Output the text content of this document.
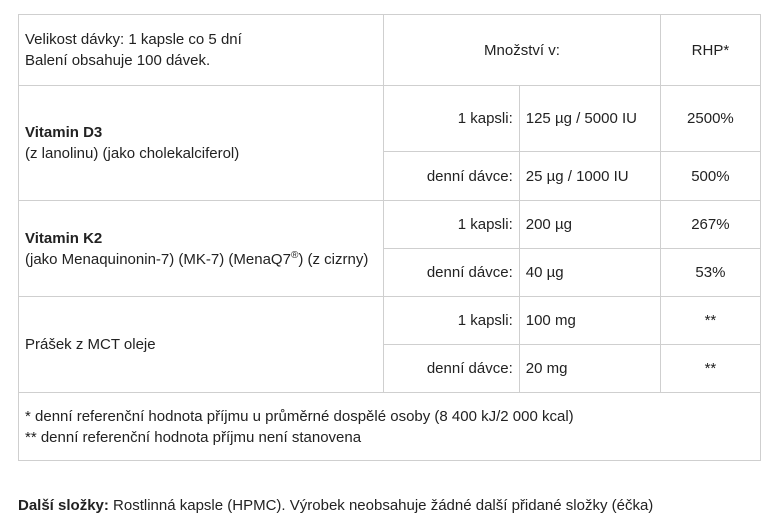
Velikost dávky: 1 kapsle co 5 dní
Balení obsahuje 100 dávek.	Množství v:		RHP*

Vitamin D3
(z lanolinu) (jako cholekalciferol)	1 kapsli:	125 µg / 5000 IU	2500%
	denní dávce:	25 µg / 1000 IU	500%

Vitamin K2
(jako Menaquinonin-7) (MK-7) (MenaQ7®) (z cizrny)	1 kapsli:	200 µg	267%
	denní dávce:	40 µg	53%
Prášek z MCT oleje	1 kapsli:	100 mg	**
	denní dávce:	20 mg	**

* denní referenční hodnota příjmu u průměrné dospělé osoby (8 400 kJ/2 000 kcal)
** denní referenční hodnota příjmu není stanovena			
Další složky: Rostlinná kapsle (HPMC). Výrobek neobsahuje žádné další přidané složky (éčka)
